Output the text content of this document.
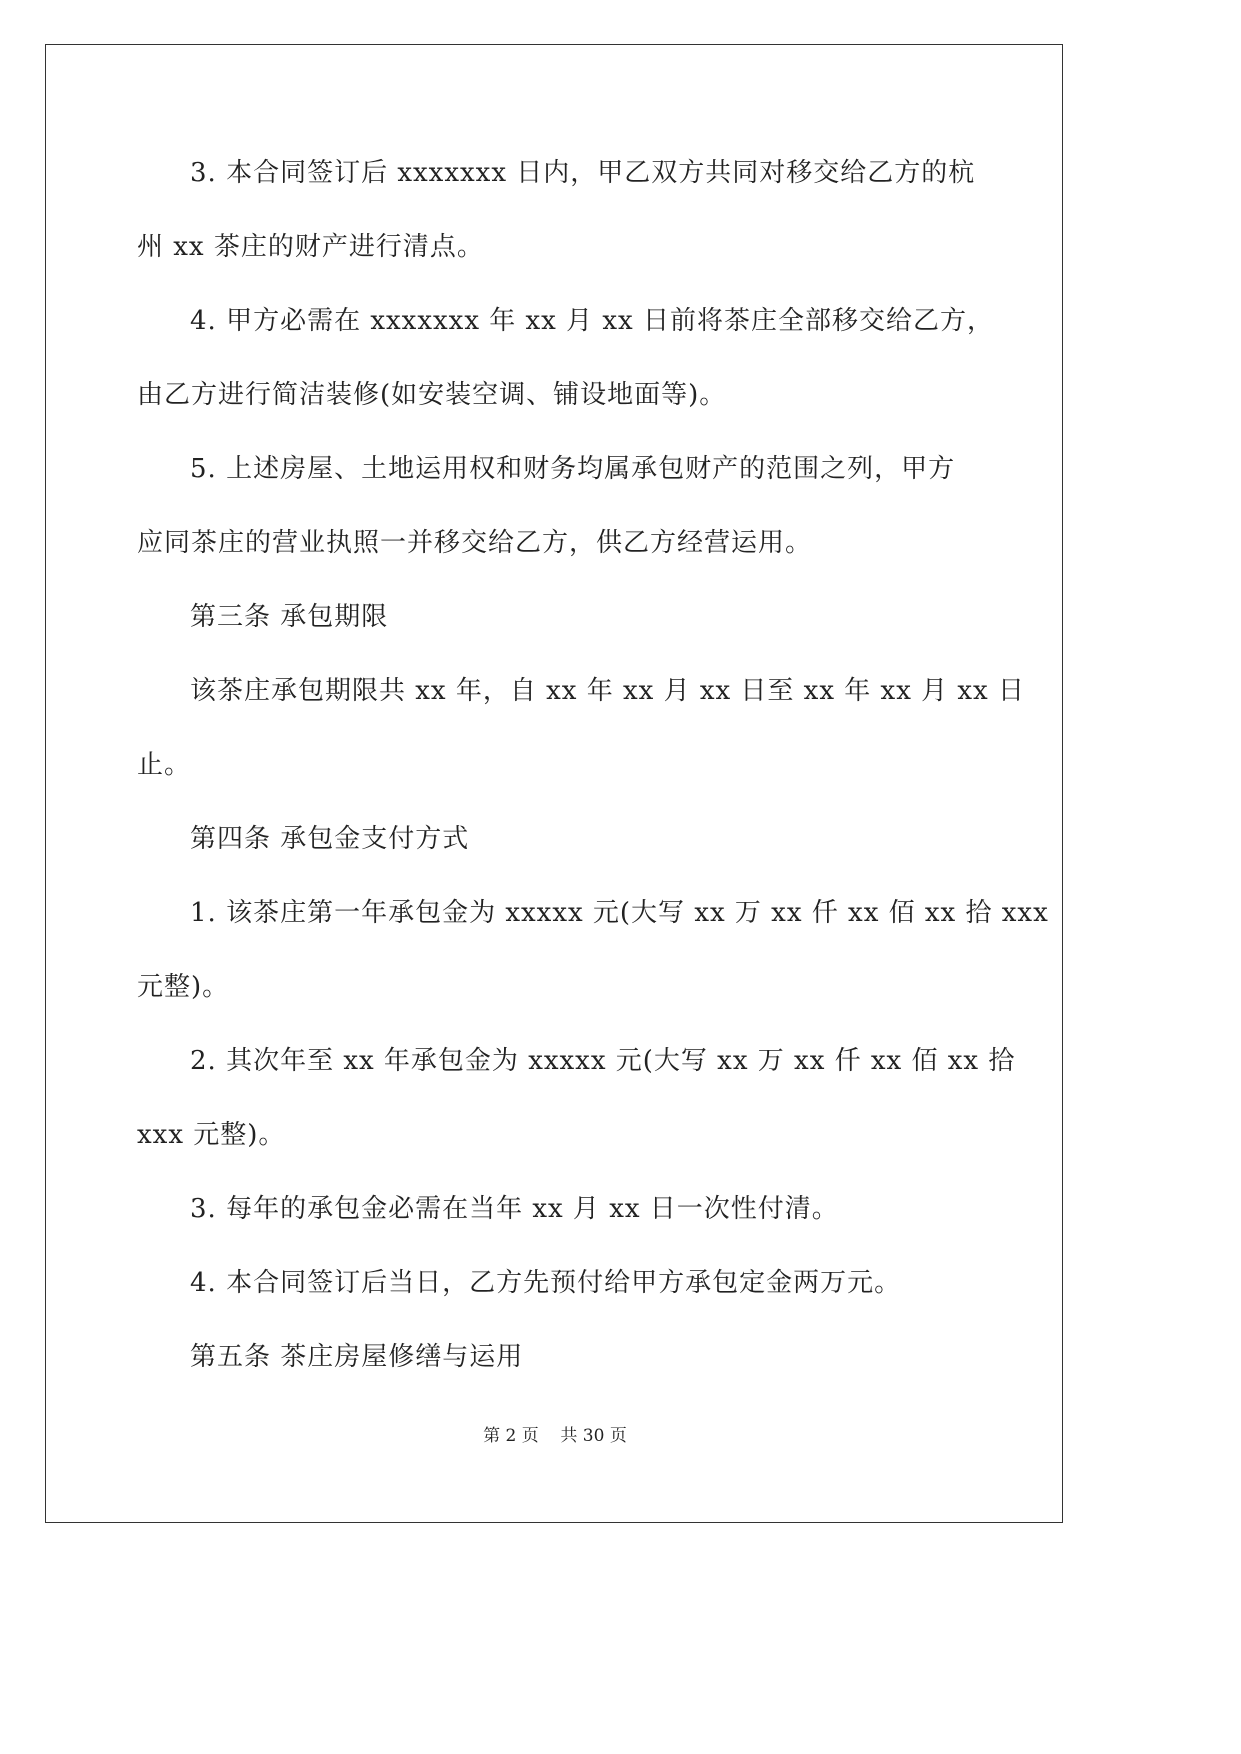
3. 本合同签订后 xxxxxxx 日内，甲乙双方共同对移交给乙方的杭
州 xx 茶庄的财产进行清点。
4. 甲方必需在 xxxxxxx 年 xx 月 xx 日前将茶庄全部移交给乙方，
由乙方进行简洁装修(如安装空调、铺设地面等)。
5. 上述房屋、土地运用权和财务均属承包财产的范围之列，甲方
应同茶庄的营业执照一并移交给乙方，供乙方经营运用。
第三条 承包期限
该茶庄承包期限共 xx 年，自 xx 年 xx 月 xx 日至 xx 年 xx 月 xx 日
止。
第四条 承包金支付方式
1. 该茶庄第一年承包金为 xxxxx 元(大写 xx 万 xx 仟 xx 佰 xx 拾 xxx
元整)。
2. 其次年至 xx 年承包金为 xxxxx 元(大写 xx 万 xx 仟 xx 佰 xx 拾
xxx 元整)。
3. 每年的承包金必需在当年 xx 月 xx 日一次性付清。
4. 本合同签订后当日，乙方先预付给甲方承包定金两万元。
第五条 茶庄房屋修缮与运用
第 2 页 共 30 页
